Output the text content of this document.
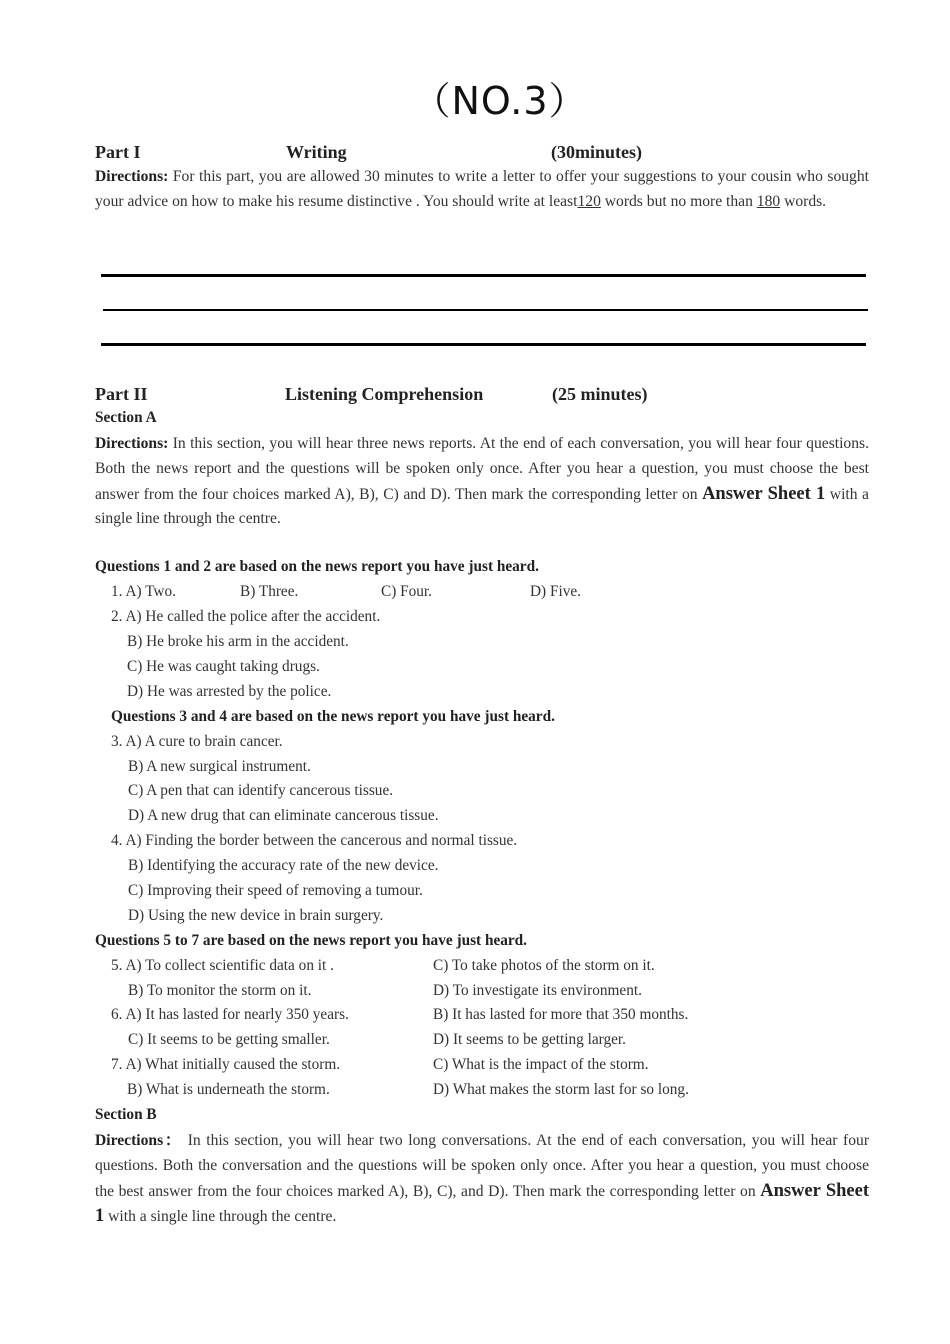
（NO.3）
Part I	Writing	(30minutes)
Directions: For this part, you are allowed 30 minutes to write a letter to offer your suggestions to your cousin who sought your advice on how to make his resume distinctive . You should write at least120 words but no more than 180 words.
Part II	Listening Comprehension	(25 minutes)
Section A
Directions: In this section, you will hear three news reports. At the end of each conversation, you will hear four questions. Both the news report and the questions will be spoken only once. After you hear a question, you must choose the best answer from the four choices marked A), B), C) and D). Then mark the corresponding letter on Answer Sheet 1 with a single line through the centre.
Questions 1 and 2 are based on the news report you have just heard.
1. A) Two.	B) Three.	C) Four.	D) Five.
2. A) He called the police after the accident.
B) He broke his arm in the accident.
C) He was caught taking drugs.
D) He was arrested by the police.
Questions 3 and 4 are based on the news report you have just heard.
3. A) A cure to brain cancer.
B) A new surgical instrument.
C) A pen that can identify cancerous tissue.
D) A new drug that can eliminate cancerous tissue.
4. A) Finding the border between the cancerous and normal tissue.
B) Identifying the accuracy rate of the new device.
C) Improving their speed of removing a tumour.
D) Using the new device in brain surgery.
Questions 5 to 7 are based on the news report you have just heard.
5. A) To collect scientific data on it .	C) To take photos of the storm on it.
B) To monitor the storm on it.	D) To investigate its environment.
6. A) It has lasted for nearly 350 years.	B) It has lasted for more that 350 months.
C) It seems to be getting smaller.	D) It seems to be getting larger.
7. A) What initially caused the storm.	C) What is the impact of the storm.
B) What is underneath the storm.	D) What makes the storm last for so long.
Section B
Directions： In this section, you will hear two long conversations. At the end of each conversation, you will hear four questions. Both the conversation and the questions will be spoken only once. After you hear a question, you must choose the best answer from the four choices marked A), B), C), and D). Then mark the corresponding letter on Answer Sheet 1 with a single line through the centre.
